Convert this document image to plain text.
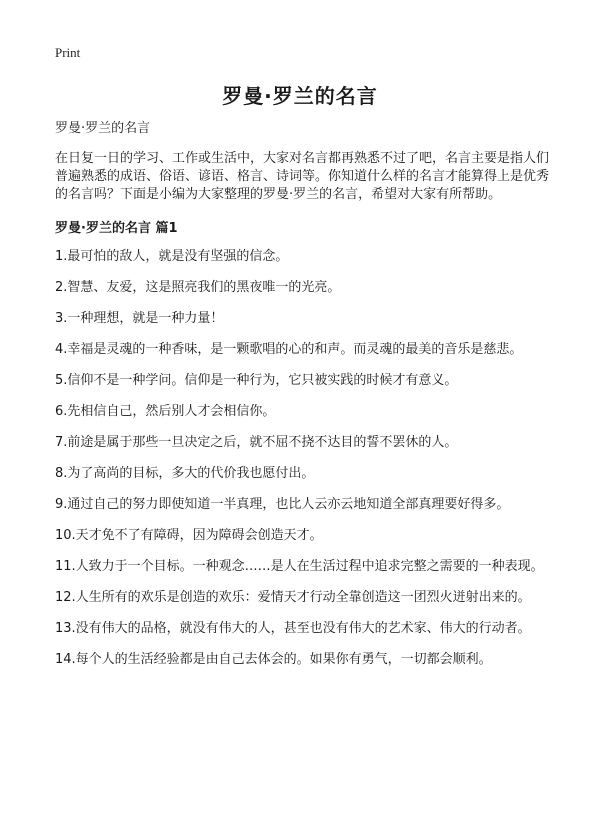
Print
罗曼·罗兰的名言

罗曼·罗兰的名言

在日复一日的学习、工作或生活中，大家对名言都再熟悉不过了吧，名言主要是指人们普遍熟悉的成语、俗语、谚语、格言、诗词等。你知道什么样的名言才能算得上是优秀的名言吗？下面是小编为大家整理的罗曼·罗兰的名言，希望对大家有所帮助。

罗曼·罗兰的名言 篇1

1.最可怕的敌人，就是没有坚强的信念。
2.智慧、友爱，这是照亮我们的黑夜唯一的光亮。
3.一种理想，就是一种力量！
4.幸福是灵魂的一种香味，是一颗歌唱的心的和声。而灵魂的最美的音乐是慈悲。
5.信仰不是一种学问。信仰是一种行为，它只被实践的时候才有意义。
6.先相信自己，然后别人才会相信你。
7.前途是属于那些一旦决定之后，就不屈不挠不达目的誓不罢休的人。
8.为了高尚的目标，多大的代价我也愿付出。
9.通过自己的努力即使知道一半真理，也比人云亦云地知道全部真理要好得多。
10.天才免不了有障碍，因为障碍会创造天才。
11.人致力于一个目标。一种观念……是人在生活过程中追求完整之需要的一种表现。
12.人生所有的欢乐是创造的欢乐：爱情天才行动全靠创造这一团烈火迸射出来的。
13.没有伟大的品格，就没有伟大的人，甚至也没有伟大的艺术家、伟大的行动者。
14.每个人的生活经验都是由自己去体会的。如果你有勇气，一切都会顺利。
